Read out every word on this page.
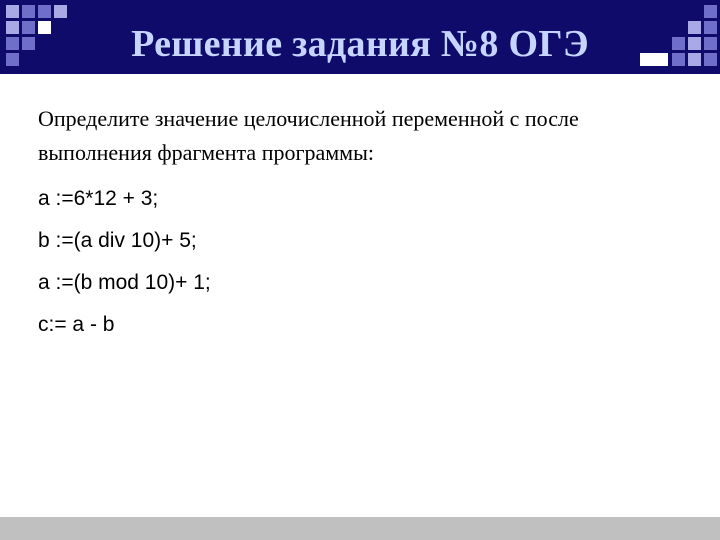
Решение задания №8 ОГЭ

Определите значение целочисленной переменной c после выполнения фрагмента программы:

a :=6*12 + 3;
b :=(a div 10)+ 5;
a :=(b mod 10)+ 1;
c:= a - b
